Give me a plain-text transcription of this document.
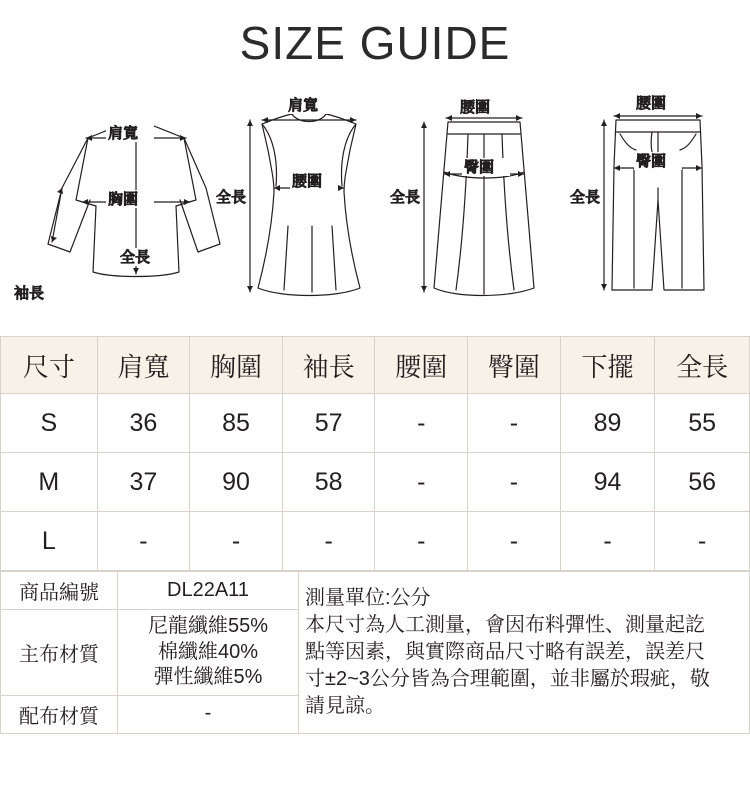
SIZE GUIDE
肩寬
袖長
胸圍
全長
肩寬
全長
腰圍
腰圍
臀圍
全長
腰圍
臀圍
全長
尺寸	肩寬	胸圍	袖長	腰圍	臀圍	下擺	全長
S	36	85	57	-	-	89	55
M	37	90	58	-	-	94	56
L	-	-	-	-	-	-	-
商品編號	DL22A11	測量單位:公分
本尺寸為人工測量，會因布料彈性、測量起訖
點等因素，與實際商品尺寸略有誤差，誤差尺
寸±2~3公分皆為合理範圍，並非屬於瑕疵，敬
請見諒。

主布材質	尼龍纖維55%
棉纖維40%
彈性纖維5%	

配布材質	-	
